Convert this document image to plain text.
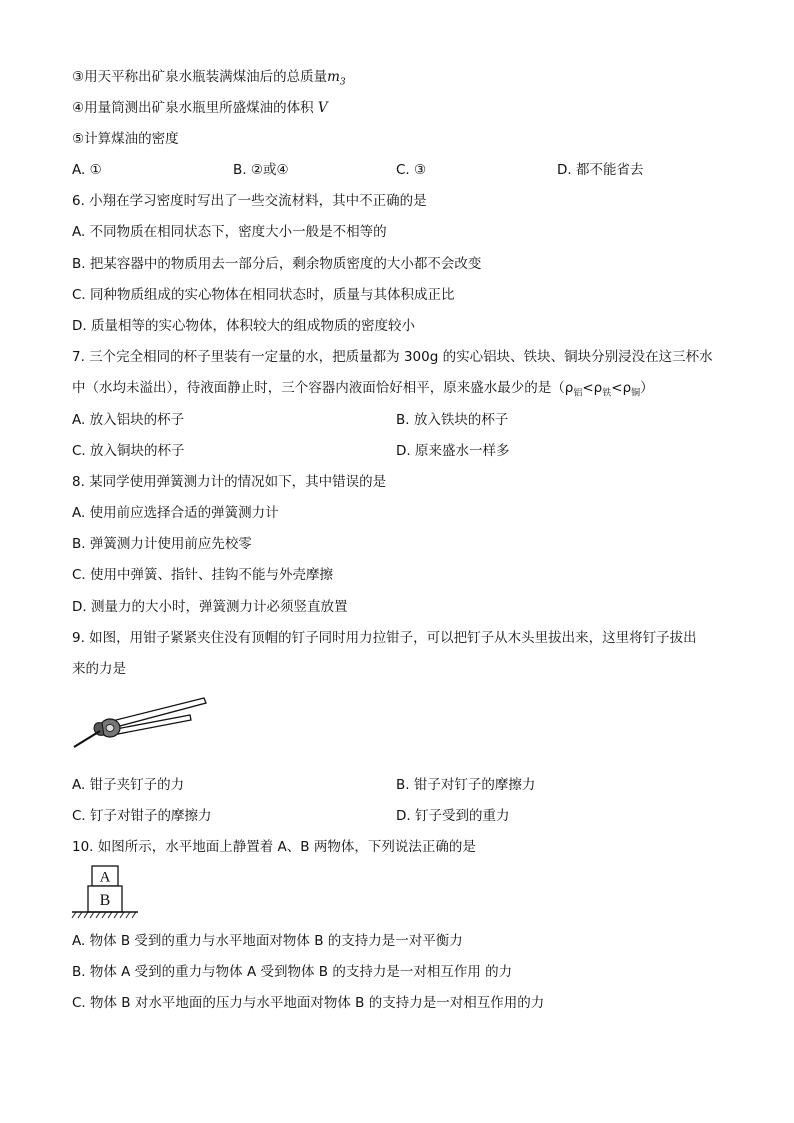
③用天平称出矿泉水瓶装满煤油后的总质量$m_3$
④用量筒测出矿泉水瓶里所盛煤油的体积 V
⑤计算煤油的密度
A. ①	B. ②或④	C. ③	D. 都不能省去
6. 小翔在学习密度时写出了一些交流材料，其中不正确的是
A. 不同物质在相同状态下，密度大小一般是不相等的
B. 把某容器中的物质用去一部分后，剩余物质密度的大小都不会改变
C. 同种物质组成的实心物体在相同状态时，质量与其体积成正比
D. 质量相等的实心物体，体积较大的组成物质的密度较小
7. 三个完全相同的杯子里装有一定量的水，把质量都为 300g 的实心铝块、铁块、铜块分别浸没在这三杯水
中（水均未溢出），待液面静止时，三个容器内液面恰好相平，原来盛水最少的是$(\rho_铝<\rho_铁<\rho_铜)$
A. 放入铝块的杯子	B. 放入铁块的杯子
C. 放入铜块的杯子	D. 原来盛水一样多
8. 某同学使用弹簧测力计的情况如下，其中错误的是
A. 使用前应选择合适的弹簧测力计
B. 弹簧测力计使用前应先校零
C. 使用中弹簧、指针、挂钩不能与外壳摩擦
D. 测量力的大小时，弹簧测力计必须竖直放置
9. 如图，用钳子紧紧夹住没有顶帽的钉子同时用力拉钳子，可以把钉子从木头里拔出来，这里将钉子拔出
来的力是
A. 钳子夹钉子的力	B. 钳子对钉子的摩擦力
C. 钉子对钳子的摩擦力	D. 钉子受到的重力
10. 如图所示，水平地面上静置着 A、B 两物体，下列说法正确的是
A
B
A. 物体 B 受到的重力与水平地面对物体 B 的支持力是一对平衡力
B. 物体 A 受到的重力与物体 A 受到物体 B 的支持力是一对相互作用 的力
C. 物体 B 对水平地面的压力与水平地面对物体 B 的支持力是一对相互作用的力
